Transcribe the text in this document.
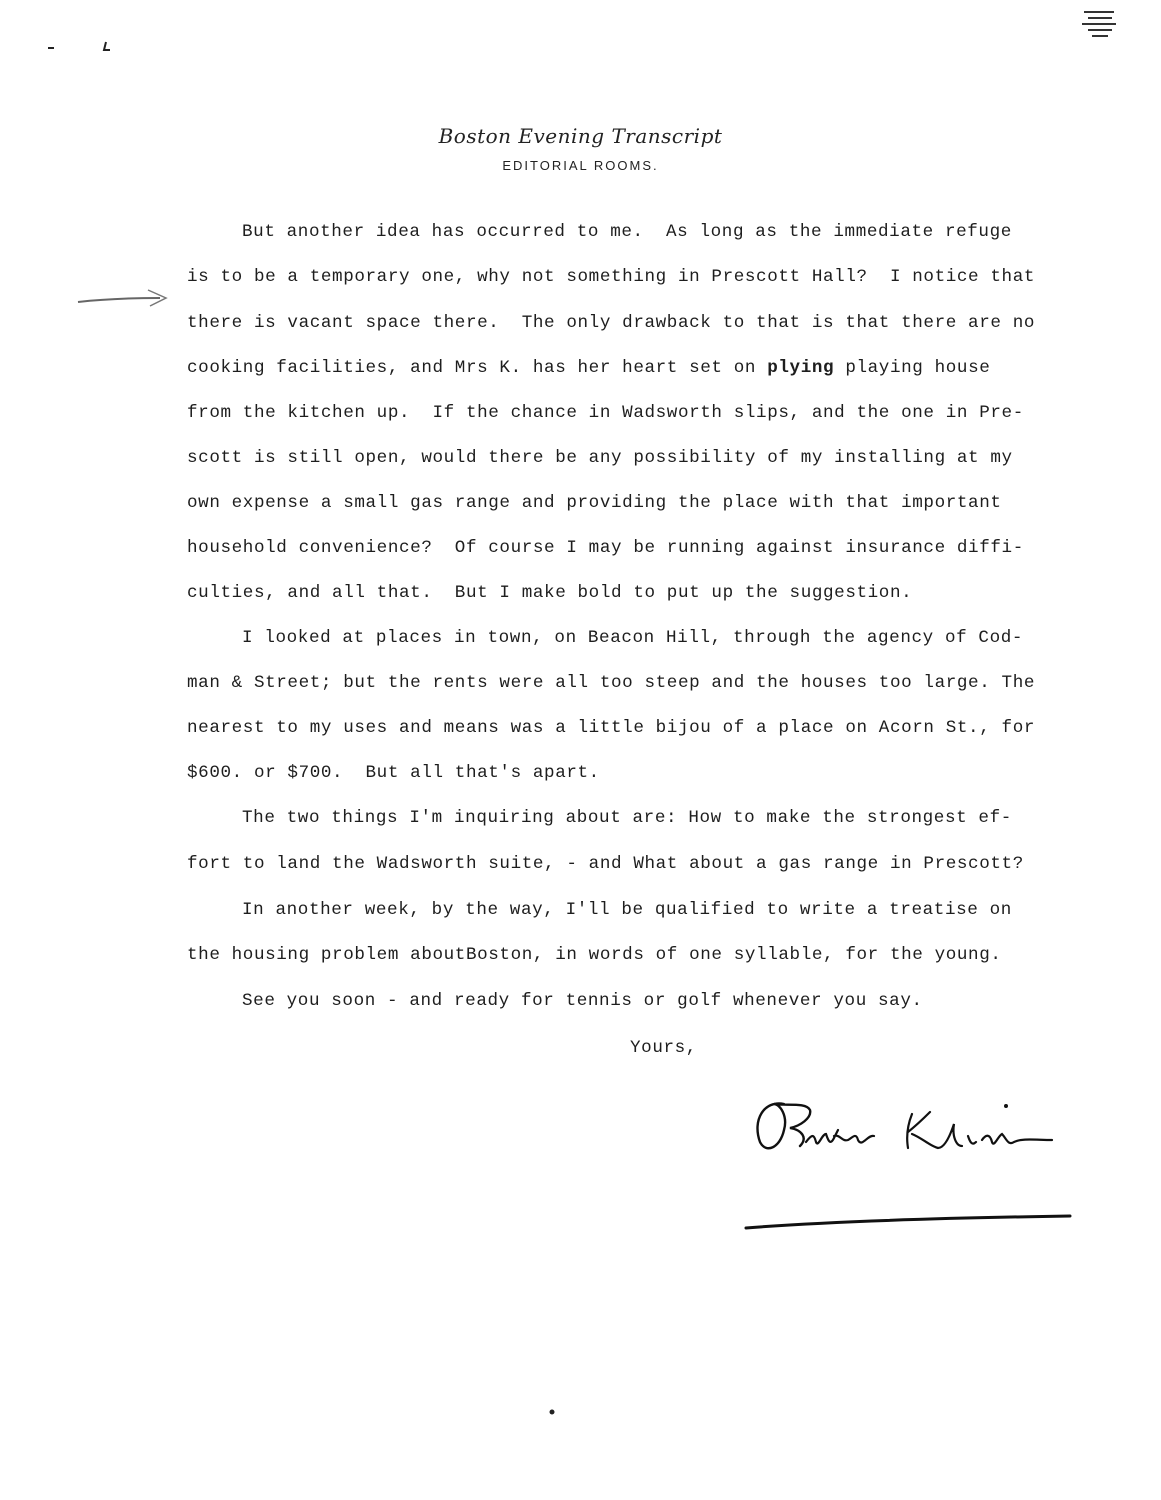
Boston Evening Transcript
EDITORIAL ROOMS.
But another idea has occurred to me.  As long as the immediate refuge
is to be a temporary one, why not something in Prescott Hall?  I notice that
there is vacant space there.  The only drawback to that is that there are no
cooking facilities, and Mrs K. has her heart set on plying playing house
from the kitchen up.  If the chance in Wadsworth slips, and the one in Pre-
scott is still open, would there be any possibility of my installing at my
own expense a small gas range and providing the place with that important
household convenience?  Of course I may be running against insurance diffi-
culties, and all that.  But I make bold to put up the suggestion.
I looked at places in town, on Beacon Hill, through the agency of Cod-
man & Street; but the rents were all too steep and the houses too large. The
nearest to my uses and means was a little bijou of a place on Acorn St., for
$600. or $700.  But all that's apart.
The two things I'm inquiring about are: How to make the strongest ef-
fort to land the Wadsworth suite, - and What about a gas range in Prescott?
In another week, by the way, I'll be qualified to write a treatise on
the housing problem aboutBoston, in words of one syllable, for the young.
See you soon - and ready for tennis or golf whenever you say.
Yours,
